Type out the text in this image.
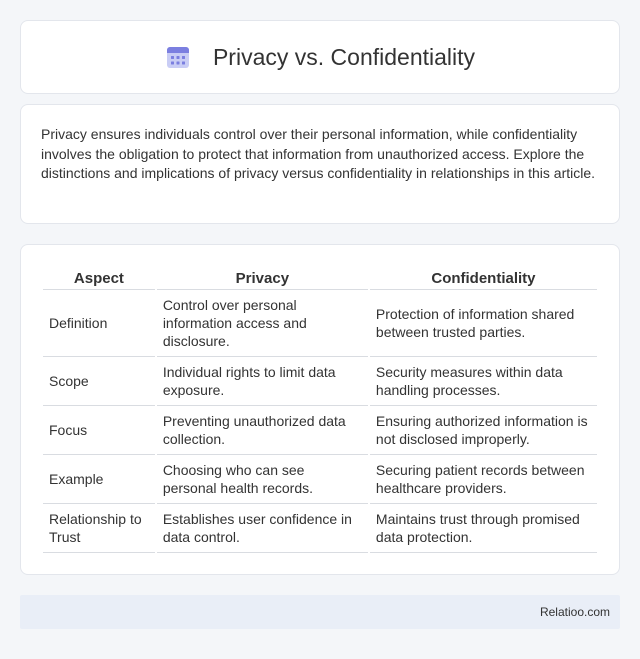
Privacy vs. Confidentiality

Privacy ensures individuals control over their personal information, while confidentiality involves the obligation to protect that information from unauthorized access. Explore the distinctions and implications of privacy versus confidentiality in relationships in this article.

Aspect	Privacy	Confidentiality
Definition	Control over personal information access and disclosure.	Protection of information shared between trusted parties.
Scope	Individual rights to limit data exposure.	Security measures within data handling processes.
Focus	Preventing unauthorized data collection.	Ensuring authorized information is not disclosed improperly.
Example	Choosing who can see personal health records.	Securing patient records between healthcare providers.
Relationship to Trust	Establishes user confidence in data control.	Maintains trust through promised data protection.
Relatioo.com
